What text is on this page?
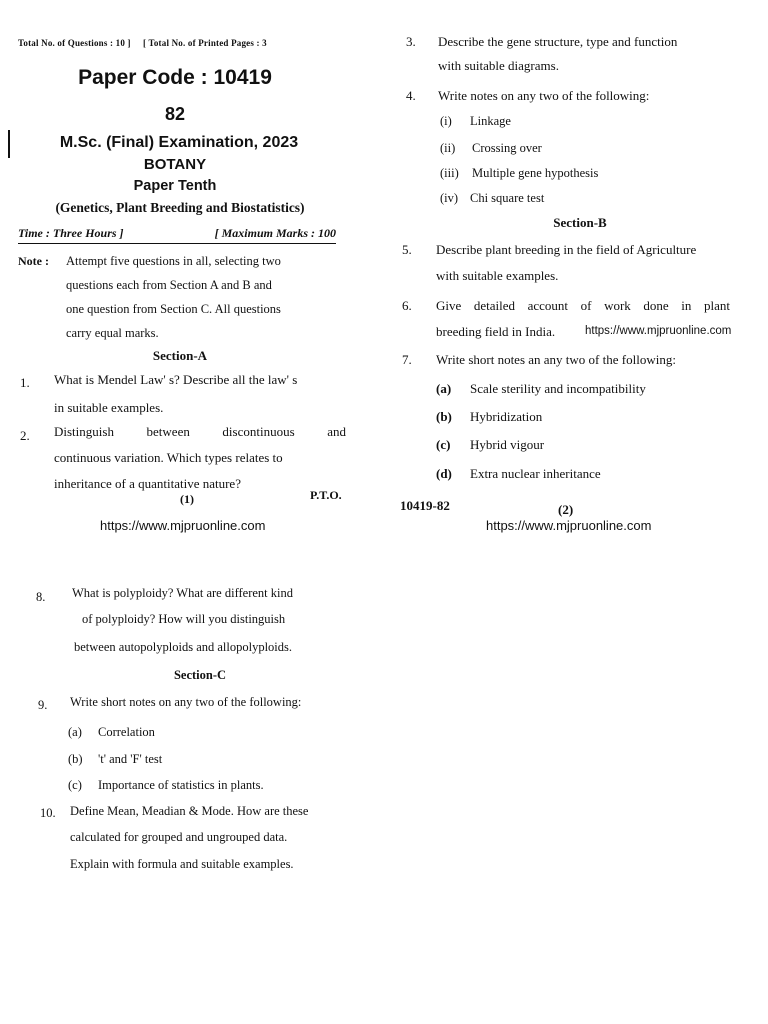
Total No. of Questions : 10 ] [ Total No. of Printed Pages : 3
Paper Code : 10419
82
M.Sc. (Final) Examination, 2023
BOTANY
Paper Tenth
(Genetics, Plant Breeding and Biostatistics)
Time : Three Hours ]	[ Maximum Marks : 100
Note : Attempt five questions in all, selecting two
questions each from Section A and B and
one question from Section C. All questions
carry equal marks.
Section-A
1. What is Mendel Law' s? Describe all the law' s
in suitable examples.
2. Distinguish between discontinuous and
continuous variation. Which types relates to
inheritance of a quantitative nature?
(1)	P.T.O.
https://www.mjpruonline.com
3. Describe the gene structure, type and function
with suitable diagrams.
4. Write notes on any two of the following:
(i) Linkage
(ii) Crossing over
(iii) Multiple gene hypothesis
(iv) Chi square test
Section-B
5. Describe plant breeding in the field of Agriculture
with suitable examples.
6. Give detailed account of work done in plant
breeding field in India.	https://www.mjpruonline.com
7. Write short notes an any two of the following:
(a) Scale sterility and incompatibility
(b) Hybridization
(c) Hybrid vigour
(d) Extra nuclear inheritance
10419-82	(2)
https://www.mjpruonline.com
8. What is polyploidy? What are different kind
of polyploidy? How will you distinguish
between autopolyploids and allopolyploids.
Section-C
9. Write short notes on any two of the following:
(a) Correlation
(b) 't' and 'F' test
(c) Importance of statistics in plants.
10. Define Mean, Meadian & Mode. How are these
calculated for grouped and ungrouped data.
Explain with formula and suitable examples.
